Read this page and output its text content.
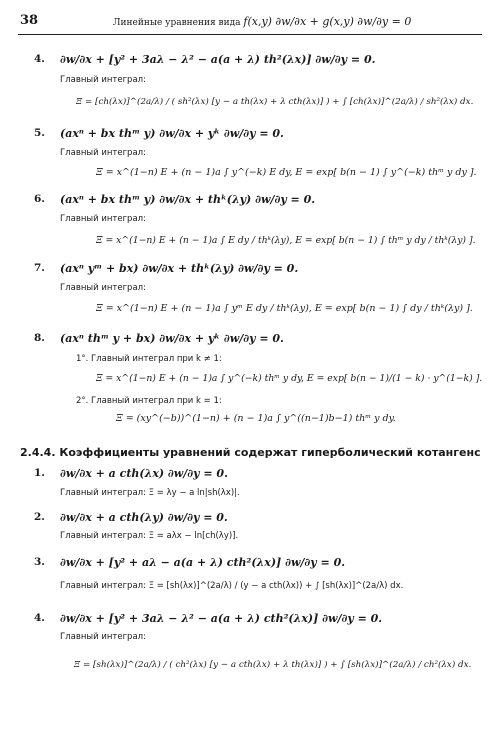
38	Линейные уравнения вида f(x,y) ∂w/∂x + g(x,y) ∂w/∂y = 0
4. ∂w/∂x + [y² + 3aλ − λ² − a(a + λ) th²(λx)] ∂w/∂y = 0.
Главный интеграл:
Ξ = [ch(λx)]^(2a/λ) / ( sh²(λx) [y − a th(λx) + λ cth(λx)] ) + ∫ [ch(λx)]^(2a/λ) / sh²(λx) dx.
5. (axⁿ + bx thᵐ y) ∂w/∂x + yᵏ ∂w/∂y = 0.
Главный интеграл:
Ξ = x^(1−n) E + (n − 1)a ∫ y^(−k) E dy, E = exp[ b(n − 1) ∫ y^(−k) thᵐ y dy ].
6. (axⁿ + bx thᵐ y) ∂w/∂x + thᵏ(λy) ∂w/∂y = 0.
Главный интеграл:
Ξ = x^(1−n) E + (n − 1)a ∫ E dy / thᵏ(λy), E = exp[ b(n − 1) ∫ thᵐ y dy / thᵏ(λy) ].
7. (axⁿ yᵐ + bx) ∂w/∂x + thᵏ(λy) ∂w/∂y = 0.
Главный интеграл:
Ξ = x^(1−n) E + (n − 1)a ∫ yᵐ E dy / thᵏ(λy), E = exp[ b(n − 1) ∫ dy / thᵏ(λy) ].
8. (axⁿ thᵐ y + bx) ∂w/∂x + yᵏ ∂w/∂y = 0.
1°. Главный интеграл при k ≠ 1:
Ξ = x^(1−n) E + (n − 1)a ∫ y^(−k) thᵐ y dy, E = exp[ b(n − 1)/(1 − k) · y^(1−k) ].
2°. Главный интеграл при k = 1:
Ξ = (xy^(−b))^(1−n) + (n − 1)a ∫ y^((n−1)b−1) thᵐ y dy.
2.4.4. Коэффициенты уравнений содержат гиперболический котангенс
1. ∂w/∂x + a cth(λx) ∂w/∂y = 0.
Главный интеграл: Ξ = λy − a ln|sh(λx)|.
2. ∂w/∂x + a cth(λy) ∂w/∂y = 0.
Главный интеграл: Ξ = aλx − ln[ch(λy)].
3. ∂w/∂x + [y² + aλ − a(a + λ) cth²(λx)] ∂w/∂y = 0.
Главный интеграл: Ξ = [sh(λx)]^(2a/λ) / (y − a cth(λx)) + ∫ [sh(λx)]^(2a/λ) dx.
4. ∂w/∂x + [y² + 3aλ − λ² − a(a + λ) cth²(λx)] ∂w/∂y = 0.
Главный интеграл:
Ξ = [sh(λx)]^(2a/λ) / ( ch²(λx) [y − a cth(λx) + λ th(λx)] ) + ∫ [sh(λx)]^(2a/λ) / ch²(λx) dx.
